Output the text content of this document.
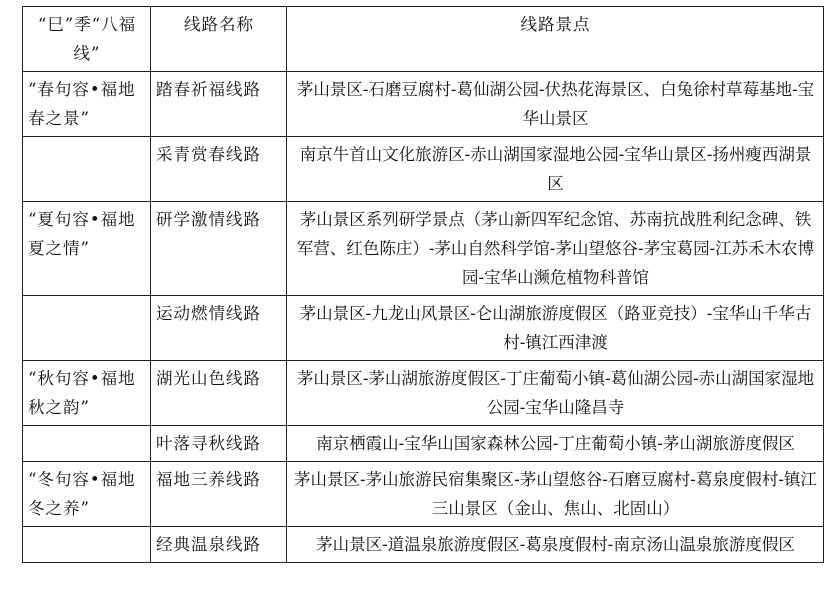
“巳”季“八福线”	线路名称	线路景点
“春句容•福地春之景”	踏春祈福线路	茅山景区-石磨豆腐村-葛仙湖公园-伏热花海景区、白兔徐村草莓基地-宝华山景区
	采青赏春线路	南京牛首山文化旅游区-赤山湖国家湿地公园-宝华山景区-扬州瘦西湖景区
“夏句容•福地夏之情”	研学激情线路	茅山景区系列研学景点（茅山新四军纪念馆、苏南抗战胜利纪念碑、铁军营、红色陈庄）-茅山自然科学馆-茅山望悠谷-茅宝葛园-江苏禾木农博园-宝华山濒危植物科普馆
	运动燃情线路	茅山景区-九龙山风景区-仑山湖旅游度假区（路亚竞技）-宝华山千华古村-镇江西津渡
“秋句容•福地秋之韵”	湖光山色线路	茅山景区-茅山湖旅游度假区-丁庄葡萄小镇-葛仙湖公园-赤山湖国家湿地公园-宝华山隆昌寺
	叶落寻秋线路	南京栖霞山-宝华山国家森林公园-丁庄葡萄小镇-茅山湖旅游度假区
“冬句容•福地冬之养”	福地三养线路	茅山景区-茅山旅游民宿集聚区-茅山望悠谷-石磨豆腐村-葛泉度假村-镇江三山景区（金山、焦山、北固山）
	经典温泉线路	茅山景区-道温泉旅游度假区-葛泉度假村-南京汤山温泉旅游度假区
